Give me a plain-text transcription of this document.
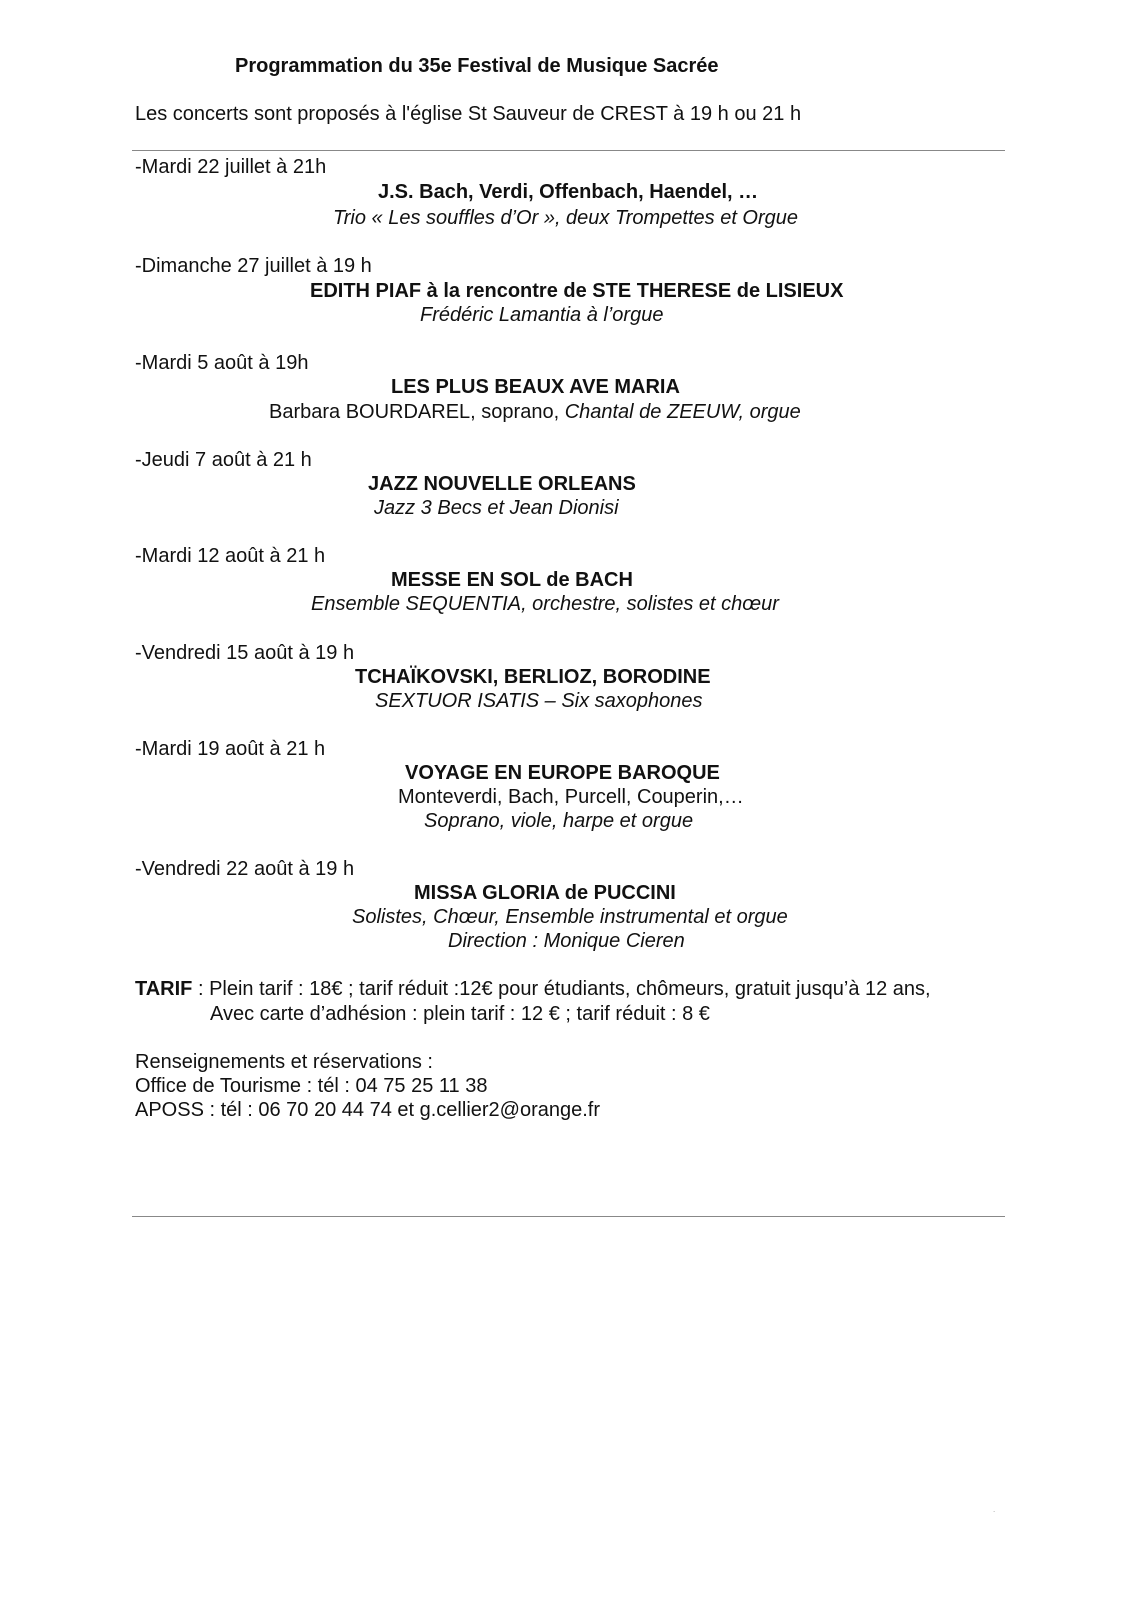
Programmation du 35e Festival de Musique Sacrée
Les concerts sont proposés à l'église St Sauveur de CREST à 19 h ou 21 h
-Mardi 22 juillet à 21h
J.S. Bach, Verdi, Offenbach, Haendel, …
Trio « Les souffles d’Or », deux Trompettes et Orgue
-Dimanche 27 juillet à 19 h
EDITH PIAF à la rencontre de STE THERESE de LISIEUX
Frédéric Lamantia à l’orgue
-Mardi 5 août à 19h
LES PLUS BEAUX AVE MARIA
Barbara BOURDAREL, soprano, Chantal de ZEEUW, orgue
-Jeudi 7 août à 21 h
JAZZ NOUVELLE ORLEANS
Jazz 3 Becs et Jean Dionisi
-Mardi 12 août à 21 h
MESSE EN SOL de BACH
Ensemble SEQUENTIA, orchestre, solistes et chœur
-Vendredi 15 août à 19 h
TCHAÏKOVSKI, BERLIOZ, BORODINE
SEXTUOR ISATIS – Six saxophones
-Mardi 19 août à 21 h
VOYAGE EN EUROPE BAROQUE
Monteverdi, Bach, Purcell, Couperin,…
Soprano, viole, harpe et orgue
-Vendredi 22 août à 19 h
MISSA GLORIA de PUCCINI
Solistes, Chœur, Ensemble instrumental et orgue
Direction : Monique Cieren
TARIF : Plein tarif : 18€ ; tarif réduit :12€ pour étudiants, chômeurs, gratuit jusqu’à 12 ans,
Avec carte d’adhésion : plein tarif : 12 € ; tarif réduit : 8 €
Renseignements et réservations :
Office de Tourisme : tél : 04 75 25 11 38
APOSS : tél : 06 70 20 44 74 et g.cellier2@orange.fr
.
